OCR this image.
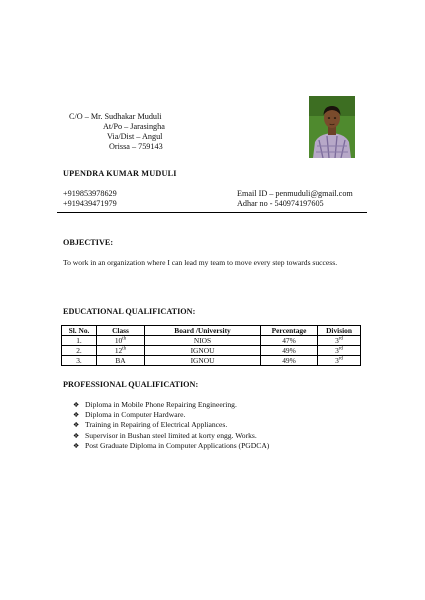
C/O – Mr. Sudhakar Muduli
At/Po – Jarasingha
Via/Dist – Angul
Orissa – 759143
UPENDRA KUMAR MUDULI
+919853978629	Email ID – penmuduli@gmail.com
+919439471979	Adhar no - 540974197605
OBJECTIVE:
To work in an organization where I can lead my team to move every step towards success.
EDUCATIONAL QUALIFICATION:
Sl. No.	Class	Board /University	Percentage	Division
1.	10th	NIOS	47%	3rd
2.	12th	IGNOU	49%	3rd
3.	BA	IGNOU	49%	3rd
PROFESSIONAL QUALIFICATION:
❖ Diploma in Mobile Phone Repairing Engineering.
❖ Diploma in Computer Hardware.
❖ Training in Repairing of Electrical Appliances.
❖ Supervisor in Bushan steel limited at korty engg. Works.
❖ Post Graduate Diploma in Computer Applications (PGDCA)
